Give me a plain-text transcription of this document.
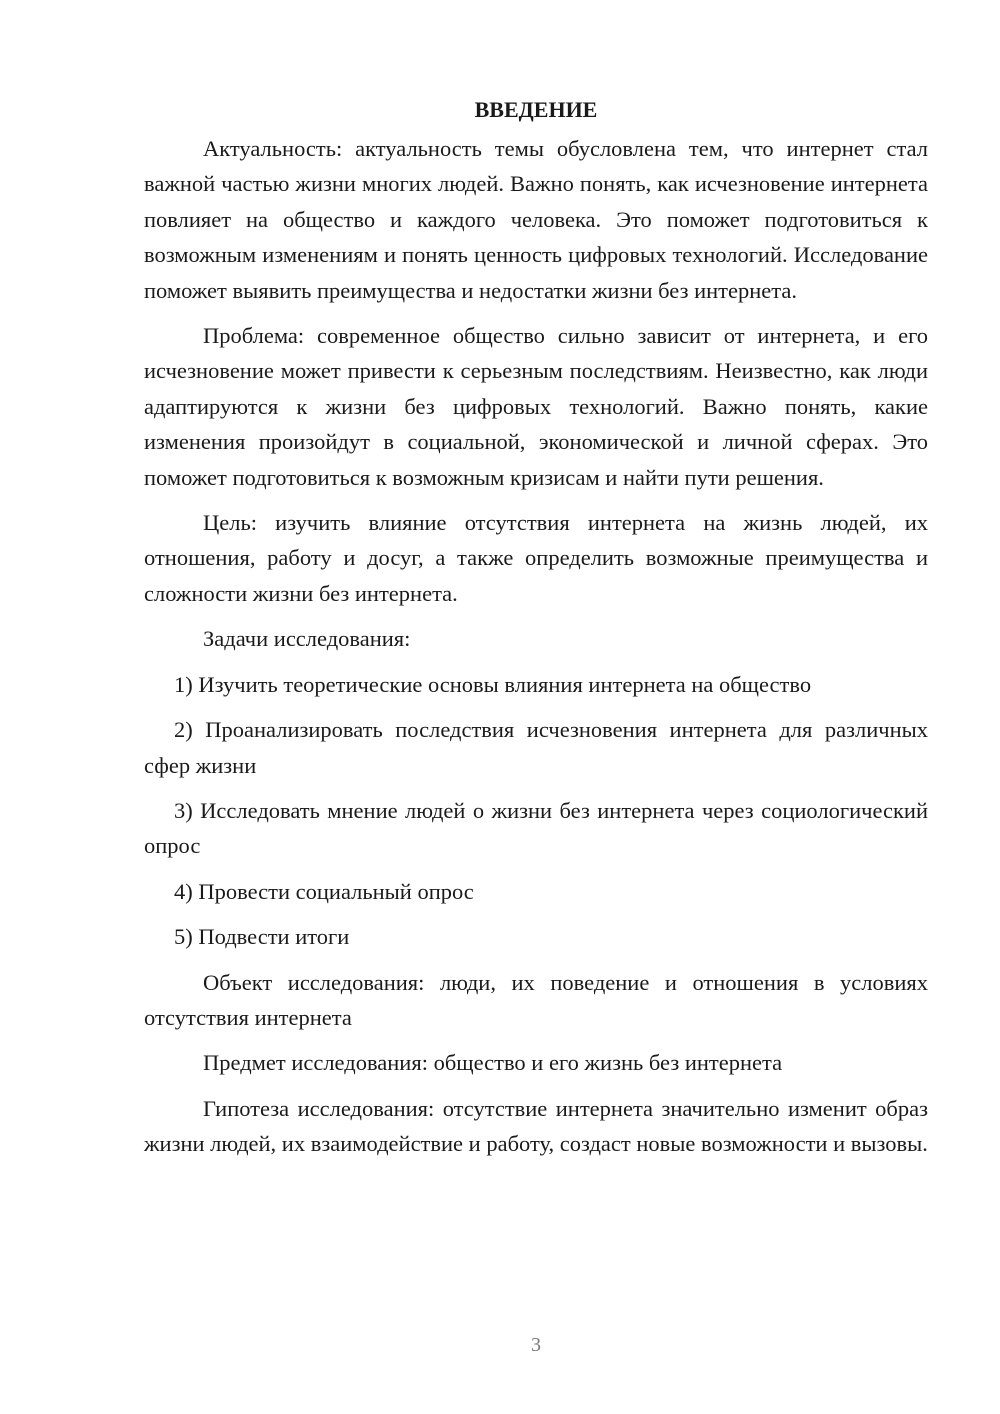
ВВЕДЕНИЕ

Актуальность: актуальность темы обусловлена тем, что интернет стал важной частью жизни многих людей. Важно понять, как исчезновение интернета повлияет на общество и каждого человека. Это поможет подготовиться к возможным изменениям и понять ценность цифровых технологий. Исследование поможет выявить преимущества и недостатки жизни без интернета.

Проблема: современное общество сильно зависит от интернета, и его исчезновение может привести к серьезным последствиям. Неизвестно, как люди адаптируются к жизни без цифровых технологий. Важно понять, какие изменения произойдут в социальной, экономической и личной сферах. Это поможет подготовиться к возможным кризисам и найти пути решения.

Цель: изучить влияние отсутствия интернета на жизнь людей, их отношения, работу и досуг, а также определить возможные преимущества и сложности жизни без интернета.

Задачи исследования:

1) Изучить теоретические основы влияния интернета на общество

2) Проанализировать последствия исчезновения интернета для различных сфер жизни

3) Исследовать мнение людей о жизни без интернета через социологический опрос

4) Провести социальный опрос

5) Подвести итоги

Объект исследования: люди, их поведение и отношения в условиях отсутствия интернета

Предмет исследования: общество и его жизнь без интернета

Гипотеза исследования: отсутствие интернета значительно изменит образ жизни людей, их взаимодействие и работу, создаст новые возможности и вызовы.

3
